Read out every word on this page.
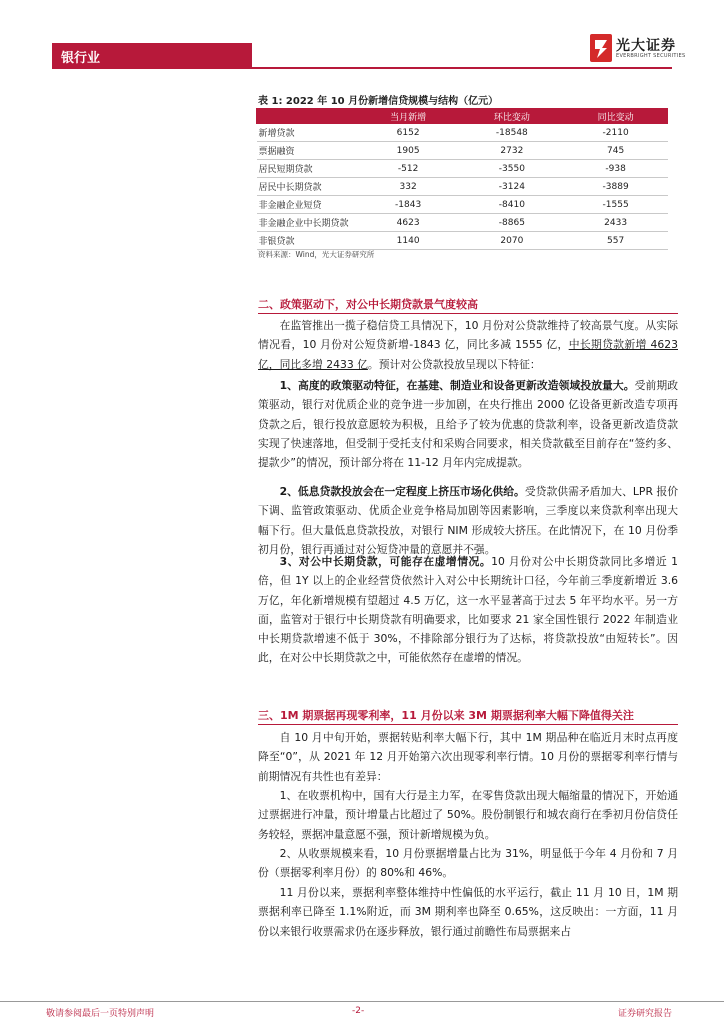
银行业
光大证券
EVERBRIGHT SECURITIES
表 1: 2022 年 10 月份新增信贷规模与结构（亿元）
	当月新增	环比变动	同比变动
新增贷款	6152	-18548	-2110
票据融资	1905	2732	745
居民短期贷款	-512	-3550	-938
居民中长期贷款	332	-3124	-3889
非金融企业短贷	-1843	-8410	-1555
非金融企业中长期贷款	4623	-8865	2433
非银贷款	1140	2070	557
资料来源：Wind，光大证券研究所
二、政策驱动下，对公中长期贷款景气度较高

在监管推出一揽子稳信贷工具情况下，10 月份对公贷款维持了较高景气度。从实际情况看，10 月份对公短贷新增-1843 亿，同比多减 1555 亿，中长期贷款新增 4623 亿，同比多增 2433 亿。预计对公贷款投放呈现以下特征：

1、高度的政策驱动特征，在基建、制造业和设备更新改造领域投放量大。受前期政策驱动，银行对优质企业的竞争进一步加剧，在央行推出 2000 亿设备更新改造专项再贷款之后，银行投放意愿较为积极，且给予了较为优惠的贷款利率，设备更新改造贷款实现了快速落地，但受制于受托支付和采购合同要求，相关贷款截至目前存在“签约多、提款少”的情况，预计部分将在 11-12 月年内完成提款。

2、低息贷款投放会在一定程度上挤压市场化供给。受贷款供需矛盾加大、LPR 报价下调、监管政策驱动、优质企业竞争格局加剧等因素影响，三季度以来贷款利率出现大幅下行。但大量低息贷款投放，对银行 NIM 形成较大挤压。在此情况下，在 10 月份季初月份，银行再通过对公短贷冲量的意愿并不强。

3、对公中长期贷款，可能存在虚增情况。10 月份对公中长期贷款同比多增近 1 倍，但 1Y 以上的企业经营贷依然计入对公中长期统计口径，今年前三季度新增近 3.6 万亿，年化新增规模有望超过 4.5 万亿，这一水平显著高于过去 5 年平均水平。另一方面，监管对于银行中长期贷款有明确要求，比如要求 21 家全国性银行 2022 年制造业中长期贷款增速不低于 30%，不排除部分银行为了达标，将贷款投放“由短转长”。因此，在对公中长期贷款之中，可能依然存在虚增的情况。

三、1M 期票据再现零利率，11 月份以来 3M 期票据利率大幅下降值得关注

自 10 月中旬开始，票据转贴利率大幅下行，其中 1M 期品种在临近月末时点再度降至“0”，从 2021 年 12 月开始第六次出现零利率行情。10 月份的票据零利率行情与前期情况有共性也有差异：

1、在收票机构中，国有大行是主力军，在零售贷款出现大幅缩量的情况下，开始通过票据进行冲量，预计增量占比超过了 50%。股份制银行和城农商行在季初月份信贷任务较轻，票据冲量意愿不强，预计新增规模为负。

2、从收票规模来看，10 月份票据增量占比为 31%，明显低于今年 4 月份和 7 月份（票据零利率月份）的 80%和 46%。

11 月份以来，票据利率整体维持中性偏低的水平运行，截止 11 月 10 日，1M 期票据利率已降至 1.1%附近，而 3M 期利率也降至 0.65%，这反映出：一方面，11 月份以来银行收票需求仍在逐步释放，银行通过前瞻性布局票据来占

敬请参阅最后一页特别声明	-2-	证券研究报告
